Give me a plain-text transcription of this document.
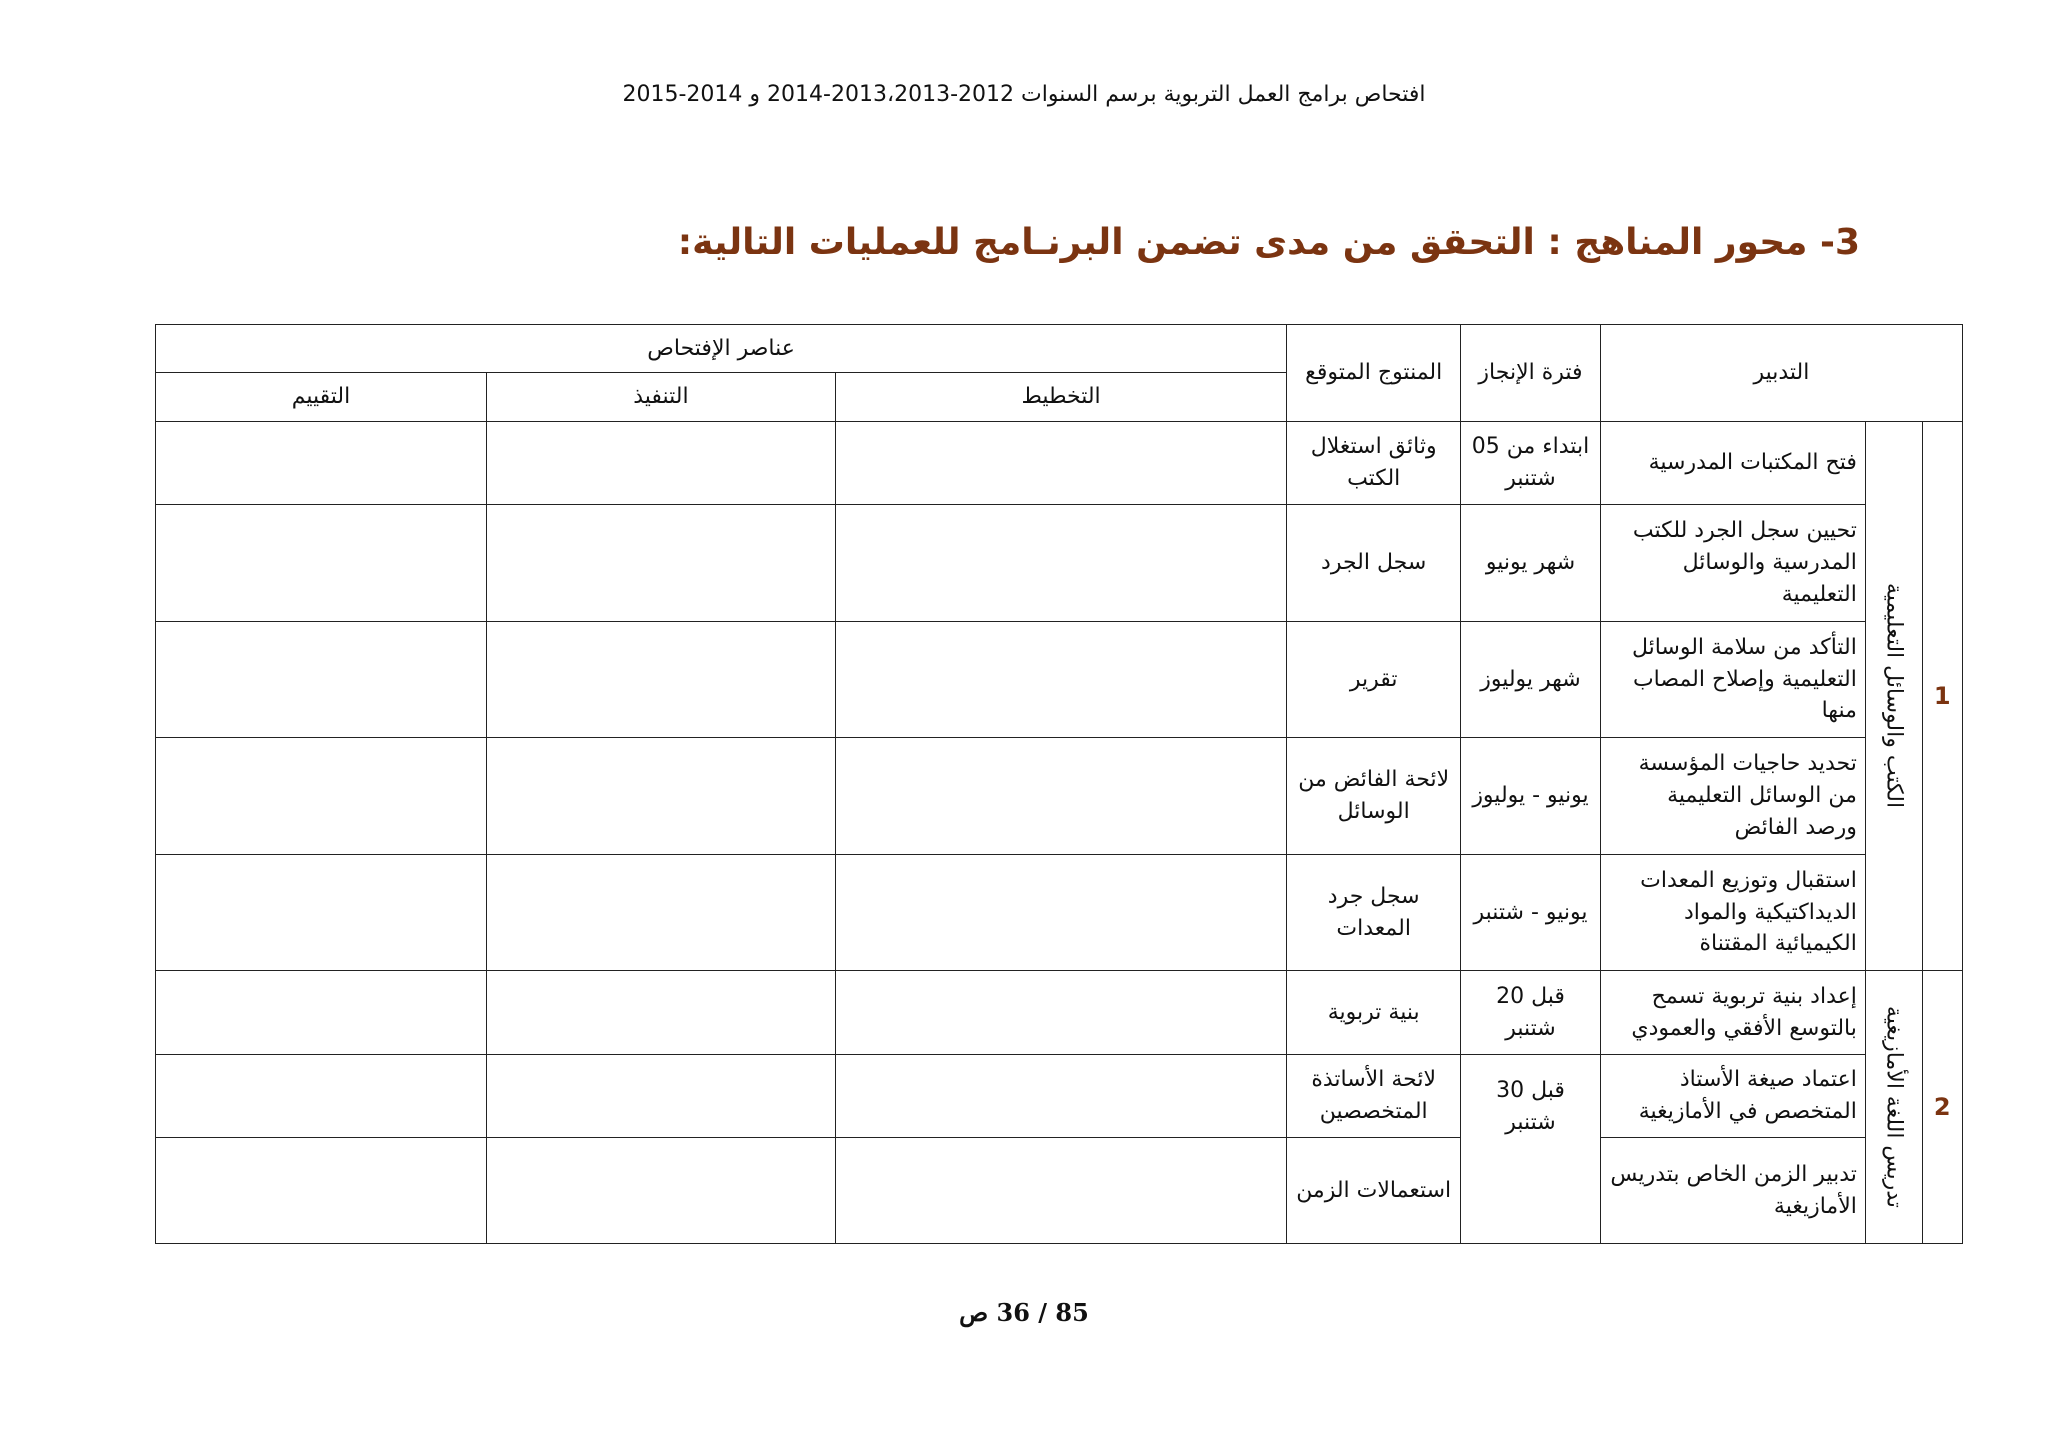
افتحاص برامج العمل التربوية برسم السنوات 2012-2013،2013-2014 و 2014-2015
3- محور المناهج : التحقق من مدى تضمن البرنـامج للعمليات التالية:
التدبير			فترة الإنجاز	المنتوج المتوقع	عناصر الإفتحاص		
					التخطيط	التنفيذ	التقييم
1	الكتب والوسائل التعليمية	فتح المكتبات المدرسية	ابتداء من 05 شتنبر	وثائق استغلال الكتب			
		تحيين سجل الجرد للكتب المدرسية والوسائل التعليمية	شهر يونيو	سجل الجرد			
		التأكد من سلامة الوسائل التعليمية وإصلاح المصاب منها	شهر يوليوز	تقرير			
		تحديد حاجيات المؤسسة من الوسائل التعليمية ورصد الفائض	يونيو - يوليوز	لائحة الفائض من الوسائل			
		استقبال وتوزيع المعدات الديداكتيكية والمواد الكيميائية المقتناة	يونيو - شتنبر	سجل جرد المعدات			
2	تدريس اللغة الأمازيغية	إعداد بنية تربوية تسمح بالتوسع الأفقي والعمودي	قبل 20 شتنبر	بنية تربوية			
		اعتماد صيغة الأستاذ المتخصص في الأمازيغية	قبل 30 شتنبر	لائحة الأساتذة المتخصصين			
		تدبير الزمن الخاص بتدريس الأمازيغية		استعمالات الزمن			
85 / 36 ص
